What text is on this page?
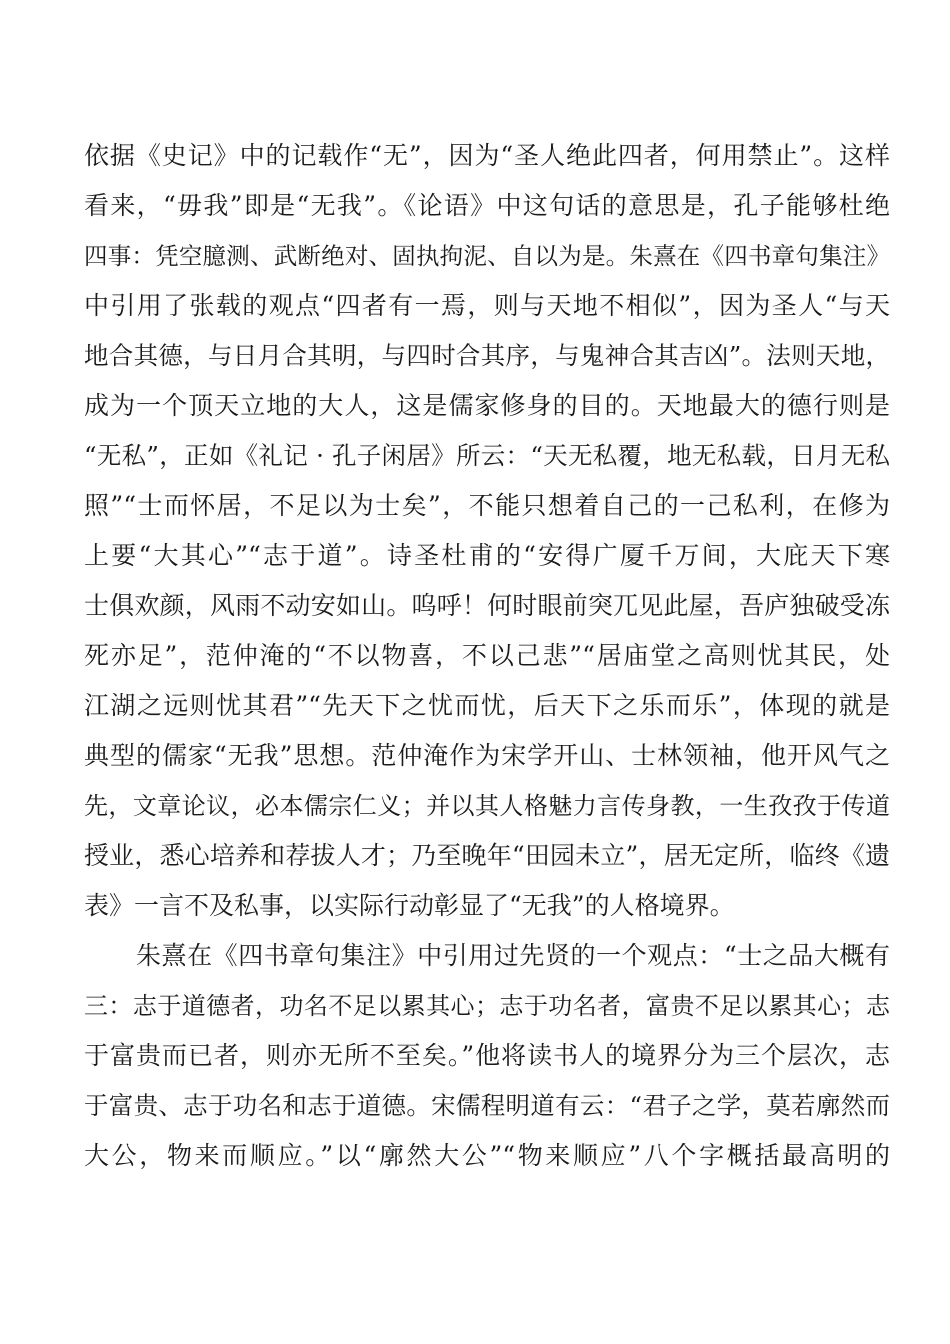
依据《史记》中的记载作“无”，因为“圣人绝此四者，何用禁止”。这样
看来，“毋我”即是“无我”。《论语》中这句话的意思是，孔子能够杜绝
四事：凭空臆测、武断绝对、固执拘泥、自以为是。朱熹在《四书章句集注》
中引用了张载的观点“四者有一焉，则与天地不相似”，因为圣人“与天
地合其德，与日月合其明，与四时合其序，与鬼神合其吉凶”。法则天地，
成为一个顶天立地的大人，这是儒家修身的目的。天地最大的德行则是
“无私”，正如《礼记 · 孔子闲居》所云：“天无私覆，地无私载，日月无私
照”“士而怀居，不足以为士矣”，不能只想着自己的一己私利，在修为
上要“大其心”“志于道”。诗圣杜甫的“安得广厦千万间，大庇天下寒
士俱欢颜，风雨不动安如山。呜呼！何时眼前突兀见此屋，吾庐独破受冻
死亦足”，范仲淹的“不以物喜，不以己悲”“居庙堂之高则忧其民，处
江湖之远则忧其君”“先天下之忧而忧，后天下之乐而乐”，体现的就是
典型的儒家“无我”思想。范仲淹作为宋学开山、士林领袖，他开风气之
先，文章论议，必本儒宗仁义；并以其人格魅力言传身教，一生孜孜于传道
授业，悉心培养和荐拔人才；乃至晚年“田园未立”，居无定所，临终《遗
表》一言不及私事，以实际行动彰显了“无我”的人格境界。
朱熹在《四书章句集注》中引用过先贤的一个观点：“士之品大概有
三：志于道德者，功名不足以累其心；志于功名者，富贵不足以累其心；志
于富贵而已者，则亦无所不至矣。”他将读书人的境界分为三个层次，志
于富贵、志于功名和志于道德。宋儒程明道有云：“君子之学，莫若廓然而
大公，物来而顺应。”以“廓然大公”“物来顺应”八个字概括最高明的
